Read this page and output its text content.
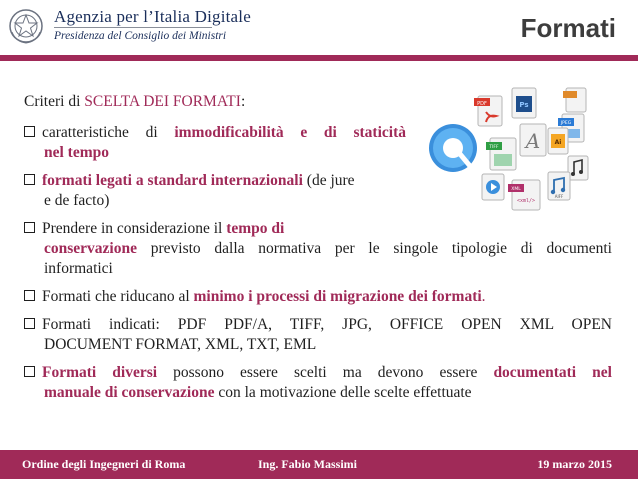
Agenzia per l’Italia Digitale
Presidenza del Consiglio dei Ministri	Formati
PDF	Ps
JPEG
A Ai
TIFF
XML
<xml/>
AIFF
Criteri di SCELTA DEI FORMATI:
caratteristiche di immodificabilità e di staticità
nel tempo
formati legati a standard internazionali (de jure
e de facto)
Prendere in considerazione il tempo di
conservazione previsto dalla normativa per le singole tipologie di documenti
informatici
Formati che riducano al minimo i processi di migrazione dei formati.
Formati indicati: PDF PDF/A, TIFF, JPG, OFFICE OPEN XML OPEN
DOCUMENT FORMAT, XML, TXT, EML
Formati diversi possono essere scelti ma devono essere documentati nel
manuale di conservazione con la motivazione delle scelte effettuate
Ordine degli Ingegneri di Roma	Ing. Fabio Massimi	19 marzo 2015
